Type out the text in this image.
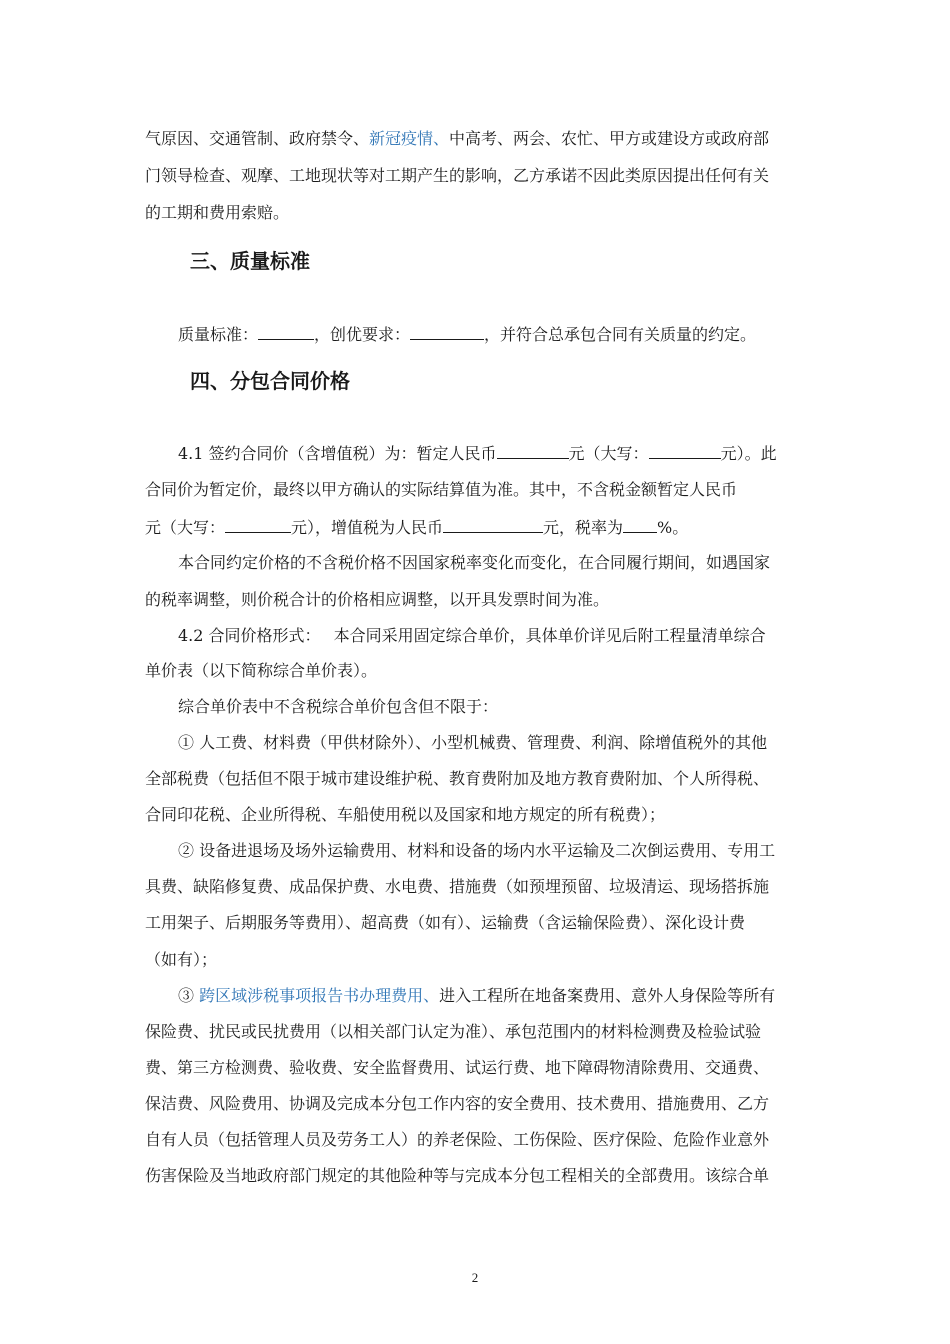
气原因、交通管制、政府禁令、新冠疫情、中高考、两会、农忙、甲方或建设方或政府部
门领导检查、观摩、工地现状等对工期产生的影响，乙方承诺不因此类原因提出任何有关
的工期和费用索赔。
三、质量标准
质量标准：	，创优要求：	，并符合总承包合同有关质量的约定。
四、分包合同价格
4.1 签约合同价（含增值税）为：暂定人民币	元（大写：	元）。此
合同价为暂定价，最终以甲方确认的实际结算值为准。其中，不含税金额暂定人民币
元（大写：	元），增值税为人民币	元，税率为 %。
本合同约定价格的不含税价格不因国家税率变化而变化，在合同履行期间，如遇国家
的税率调整，则价税合计的价格相应调整，以开具发票时间为准。
4.2 合同价格形式：　 本合同采用固定综合单价，具体单价详见后附工程量清单综合
单价表（以下简称综合单价表）。
综合单价表中不含税综合单价包含但不限于：
① 人工费、材料费（甲供材除外）、小型机械费、管理费、利润、除增值税外的其他
全部税费（包括但不限于城市建设维护税、教育费附加及地方教育费附加、个人所得税、
合同印花税、企业所得税、车船使用税以及国家和地方规定的所有税费）；
② 设备进退场及场外运输费用、材料和设备的场内水平运输及二次倒运费用、专用工
具费、缺陷修复费、成品保护费、水电费、措施费（如预埋预留、垃圾清运、现场搭拆施
工用架子、后期服务等费用）、超高费（如有）、运输费（含运输保险费）、深化设计费
（如有）；
③ 跨区域涉税事项报告书办理费用、进入工程所在地备案费用、意外人身保险等所有
保险费、扰民或民扰费用（以相关部门认定为准）、承包范围内的材料检测费及检验试验
费、第三方检测费、验收费、安全监督费用、试运行费、地下障碍物清除费用、交通费、
保洁费、风险费用、协调及完成本分包工作内容的安全费用、技术费用、措施费用、乙方
自有人员（包括管理人员及劳务工人）的养老保险、工伤保险、医疗保险、危险作业意外
伤害保险及当地政府部门规定的其他险种等与完成本分包工程相关的全部费用。该综合单
2
